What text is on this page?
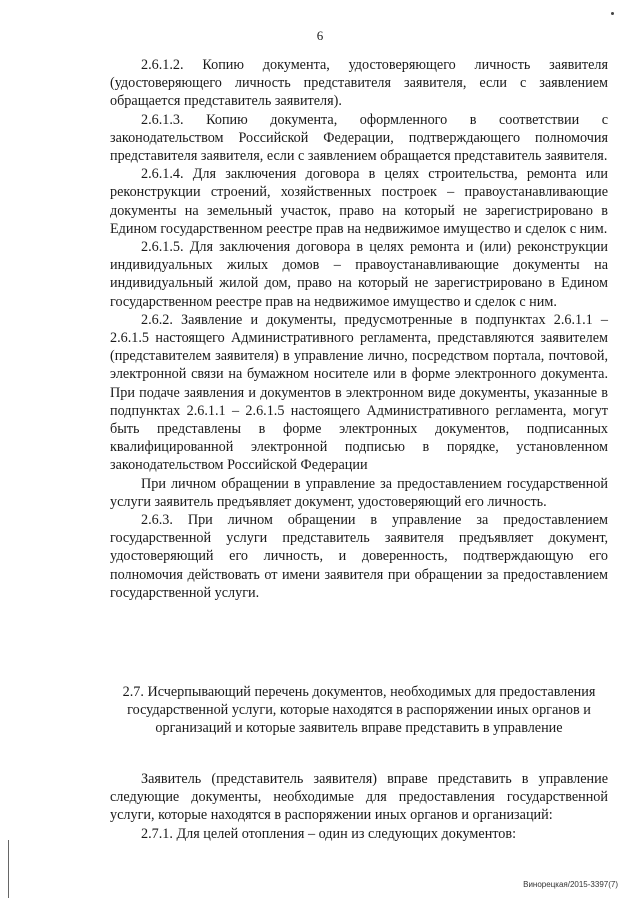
6

2.6.1.2. Копию документа, удостоверяющего личность заявителя (удостоверяющего личность представителя заявителя, если с заявлением обращается представитель заявителя).

2.6.1.3. Копию документа, оформленного в соответствии с законодательством Российской Федерации, подтверждающего полномочия представителя заявителя, если с заявлением обращается представитель заявителя.

2.6.1.4. Для заключения договора в целях строительства, ремонта или реконструкции строений, хозяйственных построек – правоустанавливающие документы на земельный участок, право на который не зарегистрировано в Едином государственном реестре прав на недвижимое имущество и сделок с ним.

2.6.1.5. Для заключения договора в целях ремонта и (или) реконструкции индивидуальных жилых домов – правоустанавливающие документы на индивидуальный жилой дом, право на который не зарегистрировано в Едином государственном реестре прав на недвижимое имущество и сделок с ним.

2.6.2. Заявление и документы, предусмотренные в подпунктах 2.6.1.1 – 2.6.1.5 настоящего Административного регламента, представляются заявителем (представителем заявителя) в управление лично, посредством портала, почтовой, электронной связи на бумажном носителе или в форме электронного документа. При подаче заявления и документов в электронном виде документы, указанные в подпунктах 2.6.1.1 – 2.6.1.5 настоящего Административного регламента, могут быть представлены в форме электронных документов, подписанных квалифицированной электронной подписью в порядке, установленном законодательством Российской Федерации

При личном обращении в управление за предоставлением государственной услуги заявитель предъявляет документ, удостоверяющий его личность.

2.6.3. При личном обращении в управление за предоставлением государственной услуги представитель заявителя предъявляет документ, удостоверяющий его личность, и доверенность, подтверждающую его полномочия действовать от имени заявителя при обращении за предоставлением государственной услуги.

2.7. Исчерпывающий перечень документов, необходимых для предоставления государственной услуги, которые находятся в распоряжении иных органов и организаций и которые заявитель вправе представить в управление

Заявитель (представитель заявителя) вправе представить в управление следующие документы, необходимые для предоставления государственной услуги, которые находятся в распоряжении иных органов и организаций:

2.7.1. Для целей отопления – один из следующих документов:

Винорецкая/2015-3397(7)
